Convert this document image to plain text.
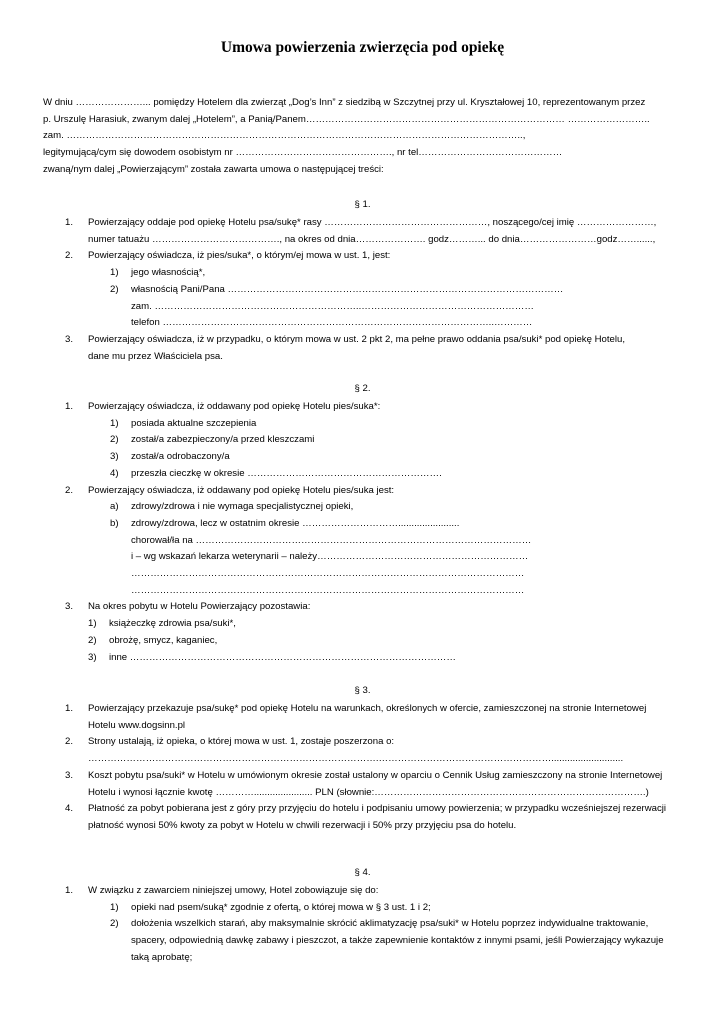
Umowa powierzenia zwierzęcia pod opiekę
W dniu …………………... pomiędzy Hotelem dla zwierząt „Dog’s Inn” z siedzibą w Szczytnej przy ul. Kryształowej 10, reprezentowanym przez
p. Urszulę Harasiuk, zwanym dalej „Hotelem”, a Panią/Panem……………………………………………………………………… ……………………..
zam. ……………………………………………………………………………………………………………………………..,
legitymującą/cym się dowodem osobistym nr …………………………………………., nr tel………………………………………
zwaną/nym dalej „Powierzającym” została zawarta umowa o następującej treści:
§ 1.
1. Powierzający oddaje pod opiekę Hotelu psa/sukę* rasy ……………………………………………, noszącego/cej imię ……………………,
numer tatuażu …………………………………., na okres od dnia…………………. godz………... do dnia……………………godz……......,
2. Powierzający oświadcza, iż pies/suka*, o którym/ej mowa w ust. 1, jest:
1) jego własnością*,
2) własnością Pani/Pana ……………………………………………………………………………………………
zam. ………………………………………………………..………………………………………………
telefon …………………………………………………………………………………………..…………
3. Powierzający oświadcza, iż w przypadku, o którym mowa w ust. 2 pkt 2, ma pełne prawo oddania psa/suki* pod opiekę Hotelu,
dane mu przez Właściciela psa.
§ 2.
1. Powierzający oświadcza, iż oddawany pod opiekę Hotelu pies/suka*:
1) posiada aktualne szczepienia
2) został/a zabezpieczony/a przed kleszczami
3) został/a odrobaczony/a
4) przeszła cieczkę w okresie …………………………………………………….
2. Powierzający oświadcza, iż oddawany pod opiekę Hotelu pies/suka jest:
a) zdrowy/zdrowa i nie wymaga specjalistycznej opieki,
b) zdrowy/zdrowa, lecz w ostatnim okresie ………………………….......................
chorował/ła na ……………………………………………………………………………………………
i – wg wskazań lekarza weterynarii – należy…………………………………………………………
……………………………………………………………………………………………………………
……………………………………………………………………………………………………………
3. Na okres pobytu w Hotelu Powierzający pozostawia:
1) książeczkę zdrowia psa/suki*,
2) obrożę, smycz, kaganiec,
3) inne …………………………………………………………………………………………
§ 3.
1. Powierzający przekazuje psa/sukę* pod opiekę Hotelu na warunkach, określonych w ofercie, zamieszczonej na stronie Internetowej
Hotelu www.dogsinn.pl
2. Strony ustalają, iż opieka, o której mowa w ust. 1, zostaje poszerzona o:
……………………………………………………………………………….………………………………………………...........................
3. Koszt pobytu psa/suki* w Hotelu w umówionym okresie został ustalony w oparciu o Cennik Usług zamieszczony na stronie Internetowej
Hotelu i wynosi łącznie kwotę …………...................... PLN (słownie:………………………………………………………………………….)
4. Płatność za pobyt pobierana jest z góry przy przyjęciu do hotelu i podpisaniu umowy powierzenia; w przypadku wcześniejszej rezerwacji
płatność wynosi 50% kwoty za pobyt w Hotelu w chwili rezerwacji i 50% przy przyjęciu psa do hotelu.
§ 4.
1. W związku z zawarciem niniejszej umowy, Hotel zobowiązuje się do:
1) opieki nad psem/suką* zgodnie z ofertą, o której mowa w § 3 ust. 1 i 2;
2) dołożenia wszelkich starań, aby maksymalnie skrócić aklimatyzację psa/suki* w Hotelu poprzez indywidualne traktowanie,
spacery, odpowiednią dawkę zabawy i pieszczot, a także zapewnienie kontaktów z innymi psami, jeśli Powierzający wykazuje
taką aprobatę;
